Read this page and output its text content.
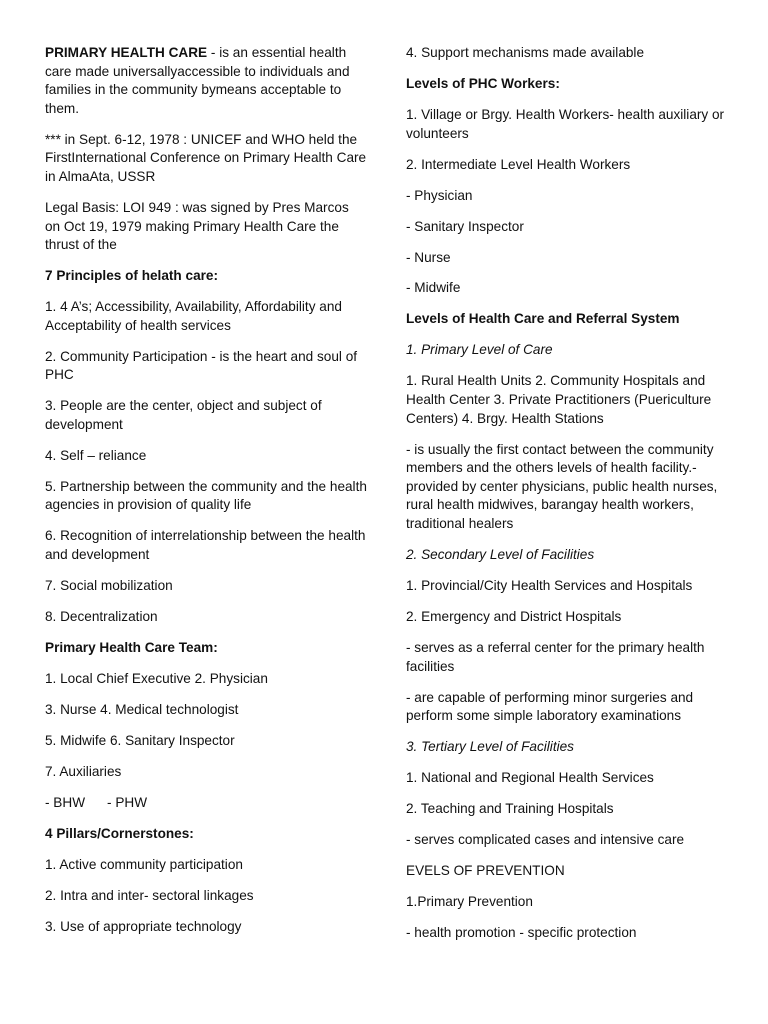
PRIMARY HEALTH CARE - is an essential health care made universallyaccessible to individuals and families in the community bymeans acceptable to them.

*** in Sept. 6-12, 1978 : UNICEF and WHO held the FirstInternational Conference on Primary Health Care in AlmaAta, USSR

Legal Basis: LOI 949 : was signed by Pres Marcos on Oct 19, 1979 making Primary Health Care the thrust of the

7 Principles of helath care:

1. 4 A’s; Accessibility, Availability, Affordability and Acceptability of health services

2. Community Participation - is the heart and soul of PHC

3. People are the center, object and subject of development

4. Self – reliance

5. Partnership between the community and the health agencies in provision of quality life

6. Recognition of interrelationship between the health and development

7. Social mobilization

8. Decentralization

Primary Health Care Team:

1. Local Chief Executive 2. Physician

3. Nurse 4. Medical technologist

5. Midwife 6. Sanitary Inspector

7. Auxiliaries

- BHW - PHW

4 Pillars/Cornerstones:

1. Active community participation

2. Intra and inter- sectoral linkages

3. Use of appropriate technology

4. Support mechanisms made available

Levels of PHC Workers:

1. Village or Brgy. Health Workers- health auxiliary or volunteers

2. Intermediate Level Health Workers

- Physician

- Sanitary Inspector

- Nurse

- Midwife

Levels of Health Care and Referral System

1. Primary Level of Care

1. Rural Health Units 2. Community Hospitals and Health Center 3. Private Practitioners (Puericulture Centers) 4. Brgy. Health Stations

- is usually the first contact between the community members and the others levels of health facility.- provided by center physicians, public health nurses, rural health midwives, barangay health workers, traditional healers

2. Secondary Level of Facilities

1. Provincial/City Health Services and Hospitals

2. Emergency and District Hospitals

- serves as a referral center for the primary health facilities

- are capable of performing minor surgeries and perform some simple laboratory examinations

3. Tertiary Level of Facilities

1. National and Regional Health Services

2. Teaching and Training Hospitals

- serves complicated cases and intensive care

EVELS OF PREVENTION

1.Primary Prevention

- health promotion - specific protection
